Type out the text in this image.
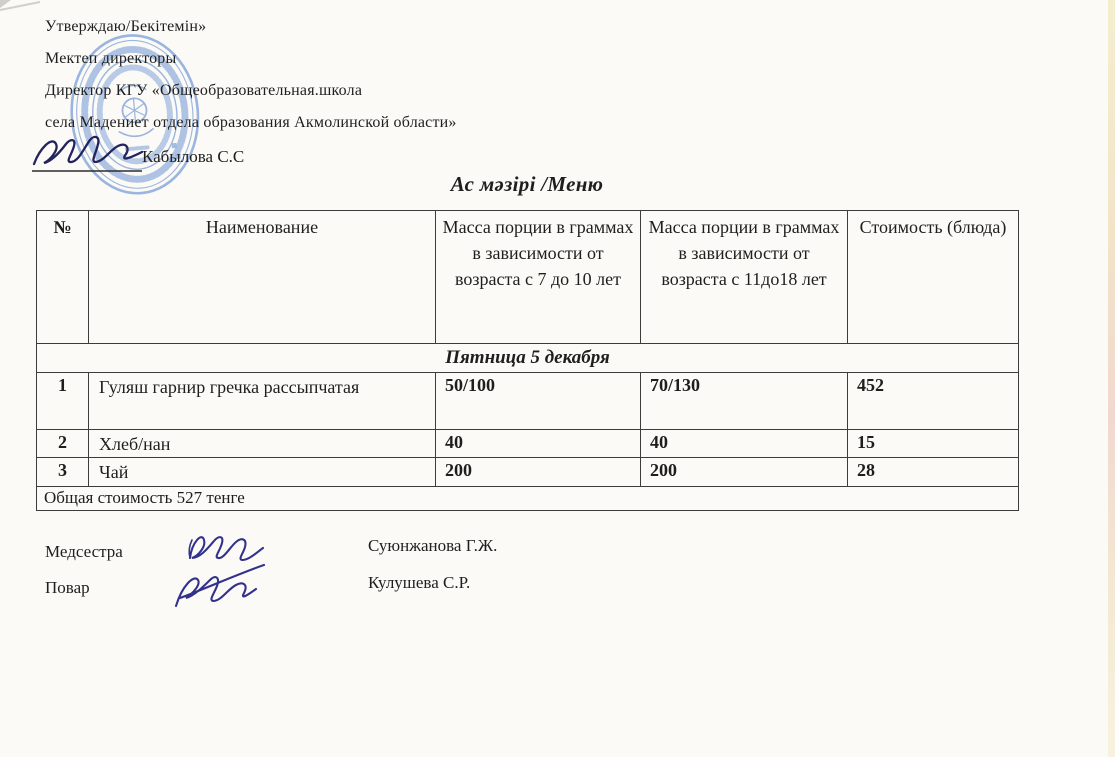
Утверждаю/Бекітемін»
Мектеп директоры
Директор КГУ «Общеобразовательная.школа
села Мадениет отдела образования Акмолинской области»
Кабылова С.С
Ас мәзірі /Меню
№	Наименование	Масса порции в граммах в зависимости от возраста с 7 до 10 лет	Масса порции в граммах в зависимости от возраста с 11до18 лет	Стоимость (блюда)
Пятница 5 декабря				
1	Гуляш гарнир гречка рассыпчатая	50/100	70/130	452
2	Хлеб/нан	40	40	15
3	Чай	200	200	28
Общая стоимость 527 тенге				
Медсестра
Повар
Суюнжанова Г.Ж.
Кулушева С.Р.
